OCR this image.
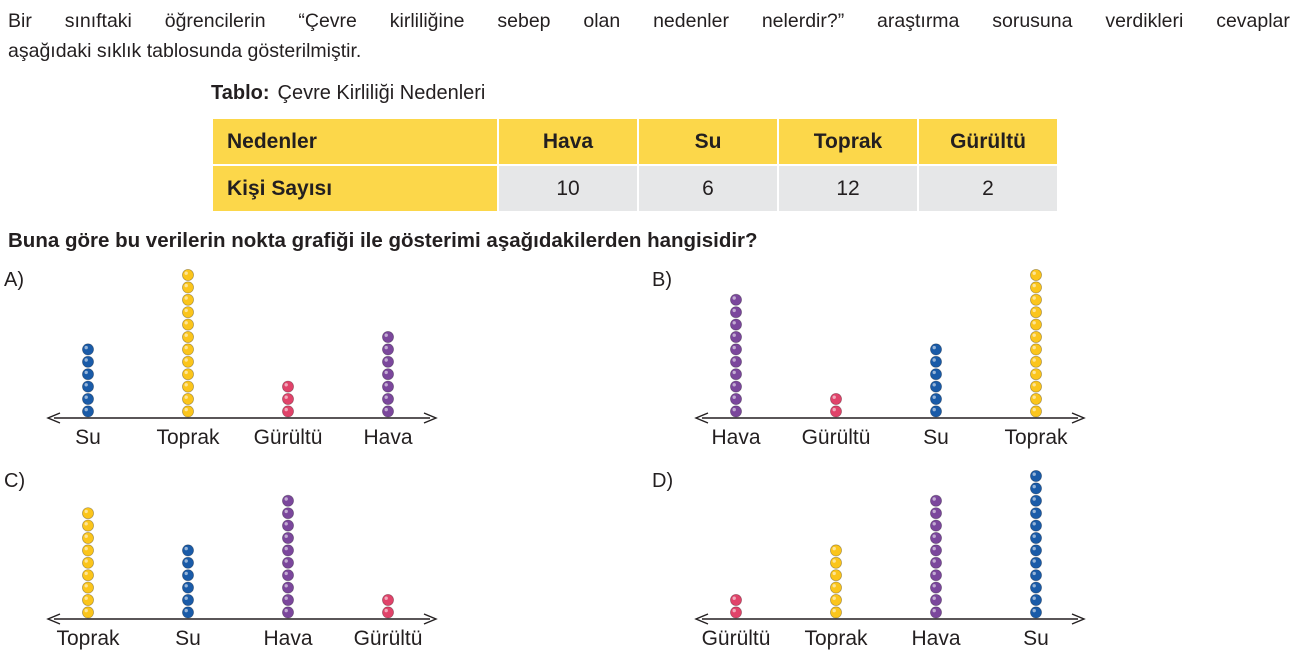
Bir sınıftaki öğrencilerin “Çevre kirliliğine sebep olan nedenler nelerdir?” araştırma sorusuna verdikleri cevaplar
aşağıdaki sıklık tablosunda gösterilmiştir.
Tablo: Çevre Kirliliği Nedenleri
Nedenler	Hava	Su	Toprak	Gürültü
Kişi Sayısı	10	6	12	2
Buna göre bu verilerin nokta grafiği ile gösterimi aşağıdakilerden hangisidir?
A)
Su	Toprak	Gürültü	Hava
B)
Hava	Gürültü	Su	Toprak
C)
Toprak	Su	Hava	Gürültü
D)
Gürültü	Toprak	Hava	Su
